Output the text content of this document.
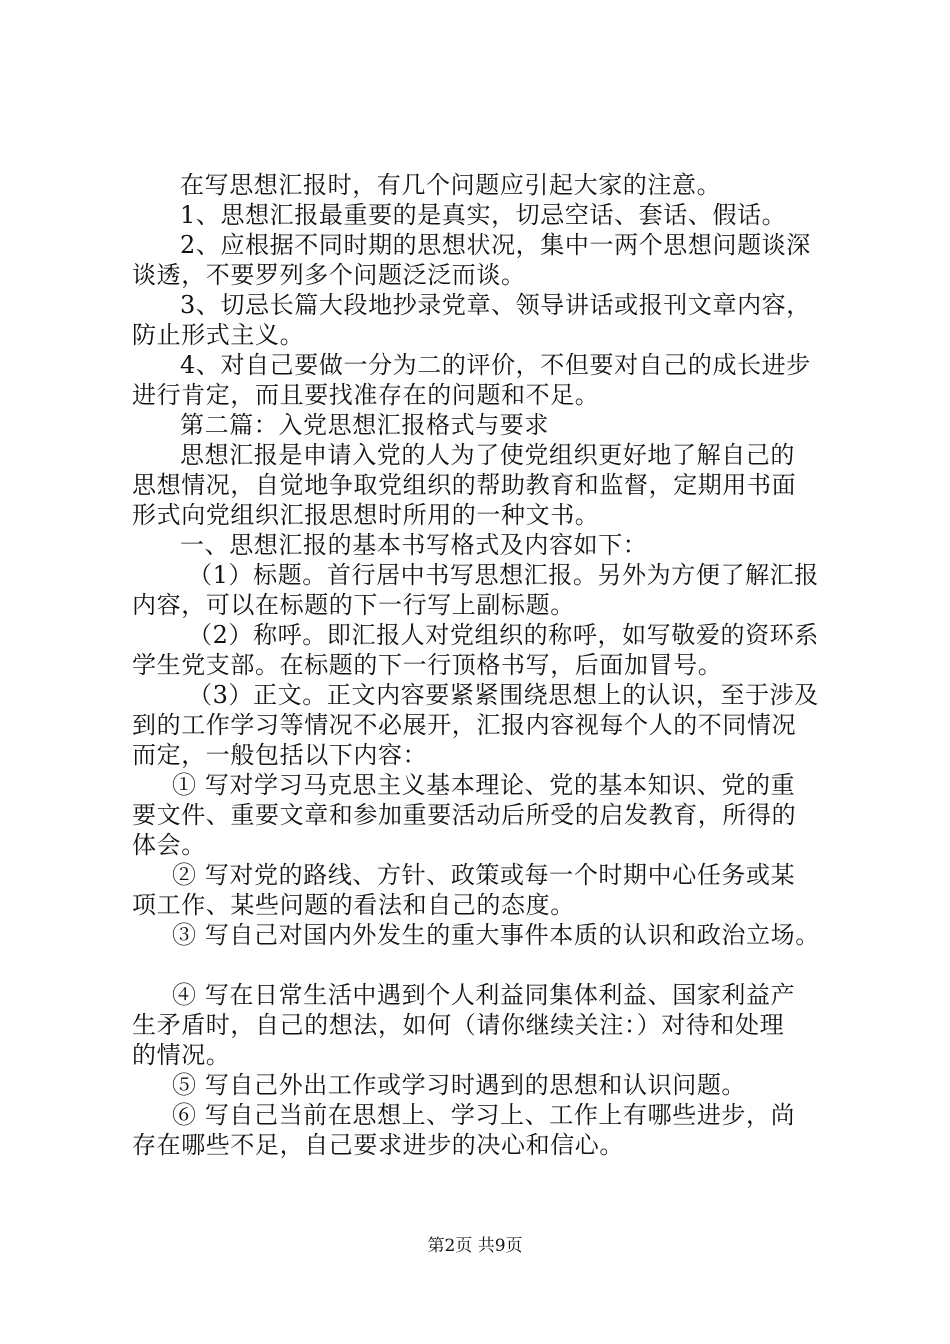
在写思想汇报时，有几个问题应引起大家的注意。
1、思想汇报最重要的是真实，切忌空话、套话、假话。
2、应根据不同时期的思想状况，集中一两个思想问题谈深
谈透，不要罗列多个问题泛泛而谈。
3、切忌长篇大段地抄录党章、领导讲话或报刊文章内容，
防止形式主义。
4、对自己要做一分为二的评价，不但要对自己的成长进步
进行肯定，而且要找准存在的问题和不足。
第二篇：入党思想汇报格式与要求
思想汇报是申请入党的人为了使党组织更好地了解自己的
思想情况，自觉地争取党组织的帮助教育和监督，定期用书面
形式向党组织汇报思想时所用的一种文书。
一、思想汇报的基本书写格式及内容如下：
（1）标题。首行居中书写思想汇报。另外为方便了解汇报
内容，可以在标题的下一行写上副标题。
（2）称呼。即汇报人对党组织的称呼，如写敬爱的资环系
学生党支部。在标题的下一行顶格书写，后面加冒号。
（3）正文。正文内容要紧紧围绕思想上的认识，至于涉及
到的工作学习等情况不必展开，汇报内容视每个人的不同情况
而定，一般包括以下内容：
① 写对学习马克思主义基本理论、党的基本知识、党的重
要文件、重要文章和参加重要活动后所受的启发教育，所得的
体会。
② 写对党的路线、方针、政策或每一个时期中心任务或某
项工作、某些问题的看法和自己的态度。
③ 写自己对国内外发生的重大事件本质的认识和政治立场。
④ 写在日常生活中遇到个人利益同集体利益、国家利益产
生矛盾时，自己的想法，如何（请你继续关注：）对待和处理
的情况。
⑤ 写自己外出工作或学习时遇到的思想和认识问题。
⑥ 写自己当前在思想上、学习上、工作上有哪些进步，尚
存在哪些不足，自己要求进步的决心和信心。
第2页 共9页
